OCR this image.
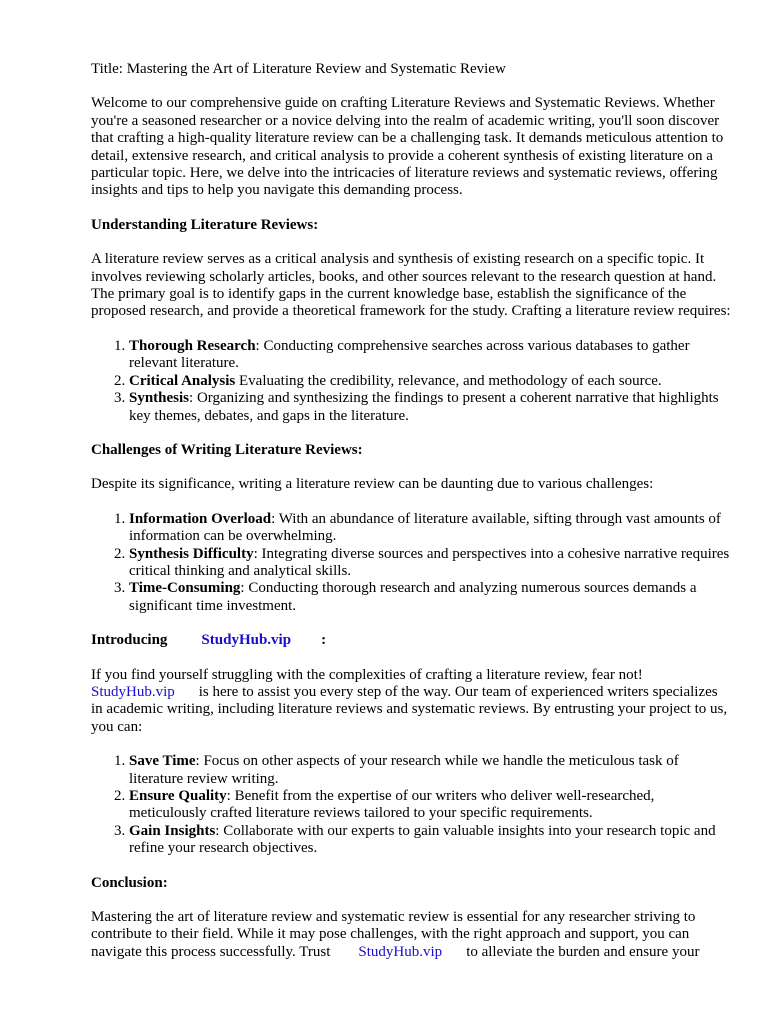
Title: Mastering the Art of Literature Review and Systematic Review

Welcome to our comprehensive guide on crafting Literature Reviews and Systematic Reviews. Whether you're a seasoned researcher or a novice delving into the realm of academic writing, you'll soon discover that crafting a high-quality literature review can be a challenging task. It demands meticulous attention to detail, extensive research, and critical analysis to provide a coherent synthesis of existing literature on a particular topic. Here, we delve into the intricacies of literature reviews and systematic reviews, offering insights and tips to help you navigate this demanding process.

Understanding Literature Reviews:

A literature review serves as a critical analysis and synthesis of existing research on a specific topic. It involves reviewing scholarly articles, books, and other sources relevant to the research question at hand. The primary goal is to identify gaps in the current knowledge base, establish the significance of the proposed research, and provide a theoretical framework for the study. Crafting a literature review requires:

1. Thorough Research: Conducting comprehensive searches across various databases to gather relevant literature.
2. Critical Analysis Evaluating the credibility, relevance, and methodology of each source.
3. Synthesis: Organizing and synthesizing the findings to present a coherent narrative that highlights key themes, debates, and gaps in the literature.
Challenges of Writing Literature Reviews:

Despite its significance, writing a literature review can be daunting due to various challenges:

1. Information Overload: With an abundance of literature available, sifting through vast amounts of information can be overwhelming.
2. Synthesis Difficulty: Integrating diverse sources and perspectives into a cohesive narrative requires critical thinking and analytical skills.
3. Time-Consuming: Conducting thorough research and analyzing numerous sources demands a significant time investment.
Introducing StudyHub.vip :

If you find yourself struggling with the complexities of crafting a literature review, fear not!
StudyHub.vip is here to assist you every step of the way. Our team of experienced writers specializes in academic writing, including literature reviews and systematic reviews. By entrusting your project to us, you can:

1. Save Time: Focus on other aspects of your research while we handle the meticulous task of literature review writing.
2. Ensure Quality: Benefit from the expertise of our writers who deliver well-researched, meticulously crafted literature reviews tailored to your specific requirements.
3. Gain Insights: Collaborate with our experts to gain valuable insights into your research topic and refine your research objectives.
Conclusion:

Mastering the art of literature review and systematic review is essential for any researcher striving to contribute to their field. While it may pose challenges, with the right approach and support, you can navigate this process successfully. Trust StudyHub.vip to alleviate the burden and ensure your
